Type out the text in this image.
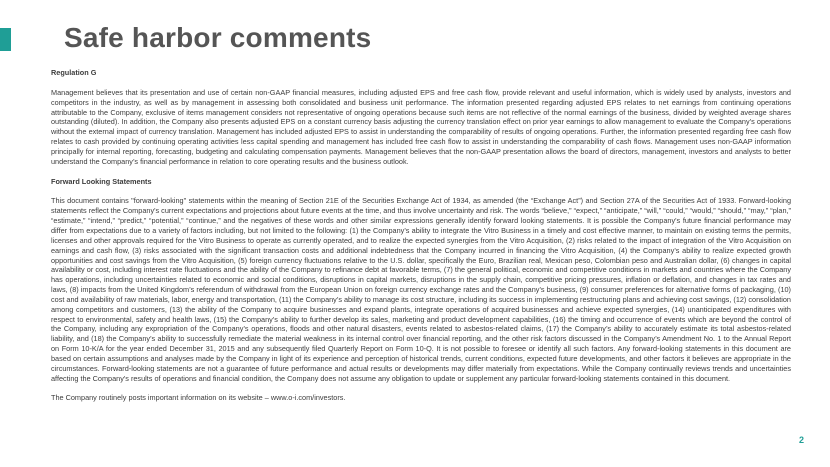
Safe harbor comments

Regulation G

Management believes that its presentation and use of certain non-GAAP financial measures, including adjusted EPS and free cash flow, provide relevant and useful information, which is widely used by analysts, investors and competitors in the industry, as well as by management in assessing both consolidated and business unit performance. The information presented regarding adjusted EPS relates to net earnings from continuing operations attributable to the Company, exclusive of items management considers not representative of ongoing operations because such items are not reflective of the normal earnings of the business, divided by weighted average shares outstanding (diluted). In addition, the Company also presents adjusted EPS on a constant currency basis adjusting the currency translation effect on prior year earnings to allow management to evaluate the Company’s operations without the external impact of currency translation. Management has included adjusted EPS to assist in understanding the comparability of results of ongoing operations. Further, the information presented regarding free cash flow relates to cash provided by continuing operating activities less capital spending and management has included free cash flow to assist in understanding the comparability of cash flows. Management uses non-GAAP information principally for internal reporting, forecasting, budgeting and calculating compensation payments. Management believes that the non-GAAP presentation allows the board of directors, management, investors and analysts to better understand the Company’s financial performance in relation to core operating results and the business outlook.

Forward Looking Statements

This document contains "forward-looking" statements within the meaning of Section 21E of the Securities Exchange Act of 1934, as amended (the “Exchange Act”) and Section 27A of the Securities Act of 1933. Forward-looking statements reflect the Company's current expectations and projections about future events at the time, and thus involve uncertainty and risk. The words “believe,” “expect,” “anticipate,” “will,” “could,” “would,” “should,” “may,” “plan,” “estimate,” “intend,” “predict,” “potential,” “continue,” and the negatives of these words and other similar expressions generally identify forward looking statements. It is possible the Company's future financial performance may differ from expectations due to a variety of factors including, but not limited to the following: (1) the Company’s ability to integrate the Vitro Business in a timely and cost effective manner, to maintain on existing terms the permits, licenses and other approvals required for the Vitro Business to operate as currently operated, and to realize the expected synergies from the Vitro Acquisition, (2) risks related to the impact of integration of the Vitro Acquisition on earnings and cash flow, (3) risks associated with the significant transaction costs and additional indebtedness that the Company incurred in financing the Vitro Acquisition, (4) the Company’s ability to realize expected growth opportunities and cost savings from the Vitro Acquisition, (5) foreign currency fluctuations relative to the U.S. dollar, specifically the Euro, Brazilian real, Mexican peso, Colombian peso and Australian dollar, (6) changes in capital availability or cost, including interest rate fluctuations and the ability of the Company to refinance debt at favorable terms, (7) the general political, economic and competitive conditions in markets and countries where the Company has operations, including uncertainties related to economic and social conditions, disruptions in capital markets, disruptions in the supply chain, competitive pricing pressures, inflation or deflation, and changes in tax rates and laws, (8) impacts from the United Kingdom’s referendum of withdrawal from the European Union on foreign currency exchange rates and the Company’s business, (9) consumer preferences for alternative forms of packaging, (10) cost and availability of raw materials, labor, energy and transportation, (11) the Company’s ability to manage its cost structure, including its success in implementing restructuring plans and achieving cost savings, (12) consolidation among competitors and customers, (13) the ability of the Company to acquire businesses and expand plants, integrate operations of acquired businesses and achieve expected synergies, (14) unanticipated expenditures with respect to environmental, safety and health laws, (15) the Company’s ability to further develop its sales, marketing and product development capabilities, (16) the timing and occurrence of events which are beyond the control of the Company, including any expropriation of the Company’s operations, floods and other natural disasters, events related to asbestos-related claims, (17) the Company’s ability to accurately estimate its total asbestos-related liability, and (18) the Company’s ability to successfully remediate the material weakness in its internal control over financial reporting, and the other risk factors discussed in the Company’s Amendment No. 1 to the Annual Report on Form 10-K/A for the year ended December 31, 2015 and any subsequently filed Quarterly Report on Form 10-Q. It is not possible to foresee or identify all such factors. Any forward-looking statements in this document are based on certain assumptions and analyses made by the Company in light of its experience and perception of historical trends, current conditions, expected future developments, and other factors it believes are appropriate in the circumstances. Forward-looking statements are not a guarantee of future performance and actual results or developments may differ materially from expectations. While the Company continually reviews trends and uncertainties affecting the Company's results of operations and financial condition, the Company does not assume any obligation to update or supplement any particular forward-looking statements contained in this document.

The Company routinely posts important information on its website – www.o-i.com/investors.

2
